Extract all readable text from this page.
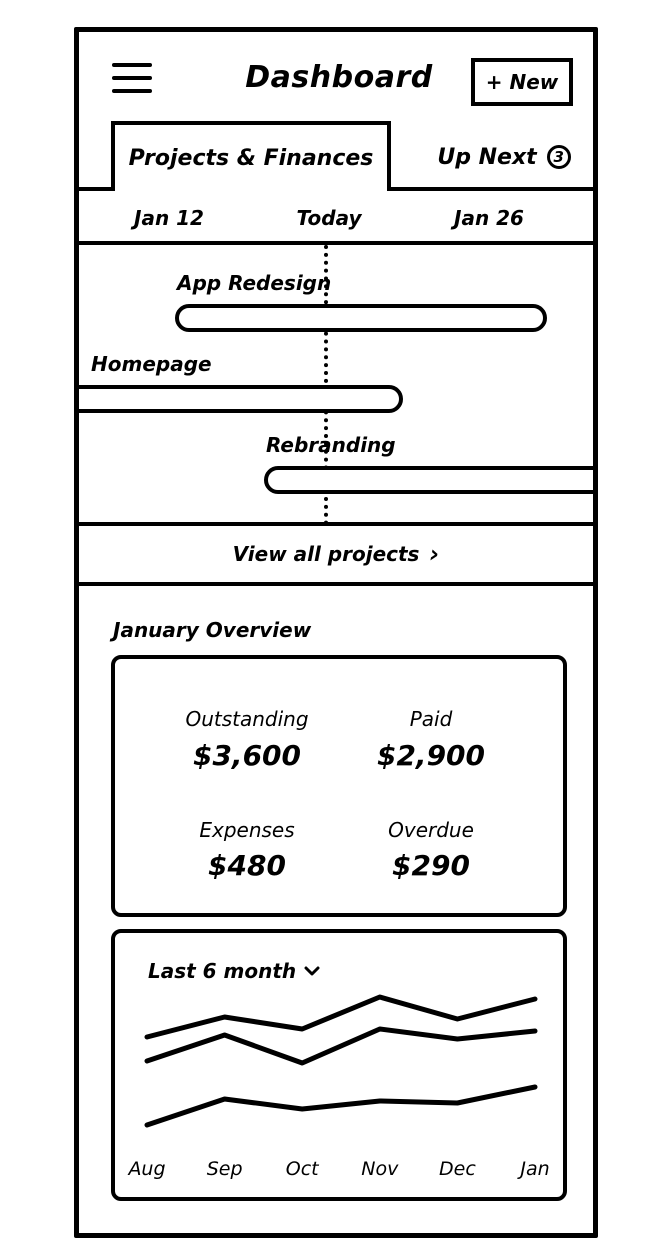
Dashboard	+ New
Projects & Finances	Up Next	3
Jan 12	Today	Jan 26
App Redesign
Homepage
Rebranding
View all projects ›
January Overview
Outstanding
$3,600
Paid
$2,900
Expenses
$480
Overdue
$290
Last 6 month
Aug Sep Oct Nov Dec Jan
